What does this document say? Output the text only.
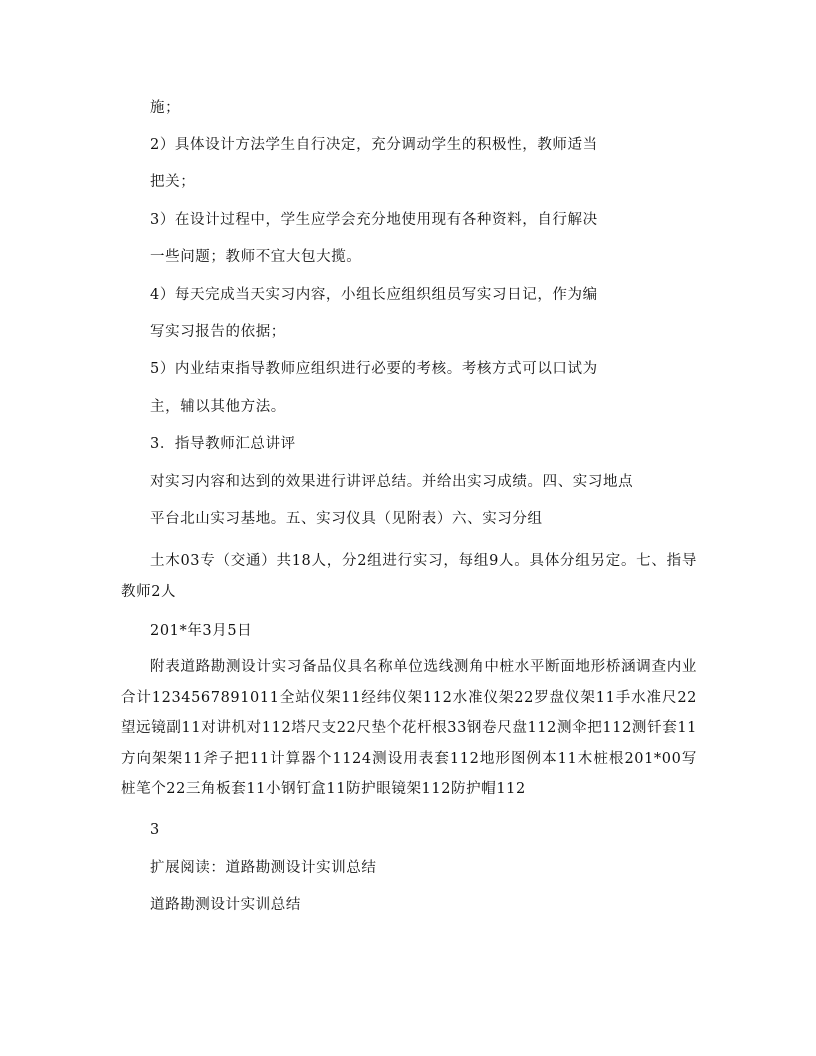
施；
2）具体设计方法学生自行决定，充分调动学生的积极性，教师适当
把关；
3）在设计过程中，学生应学会充分地使用现有各种资料，自行解决
一些问题；教师不宜大包大揽。
4）每天完成当天实习内容，小组长应组织组员写实习日记，作为编
写实习报告的依据；
5）内业结束指导教师应组织进行必要的考核。考核方式可以口试为
主，辅以其他方法。
3．指导教师汇总讲评
对实习内容和达到的效果进行讲评总结。并给出实习成绩。四、实习地点
平台北山实习基地。五、实习仪具（见附表）六、实习分组
土木03专（交通）共18人，分2组进行实习，每组9人。具体分组另定。七、指导教师2人
201*年3月5日
附表道路勘测设计实习备品仪具名称单位选线测角中桩水平断面地形桥涵调查内业合计1234567891011全站仪架11经纬仪架112水准仪架22罗盘仪架11手水准尺22望远镜副11对讲机对112塔尺支22尺垫个花杆根33钢卷尺盘112测伞把112测钎套11方向架架11斧子把11计算器个1124测设用表套112地形图例本11木桩根201*00写桩笔个22三角板套11小钢钉盒11防护眼镜架112防护帽112
3
扩展阅读：道路勘测设计实训总结
道路勘测设计实训总结
